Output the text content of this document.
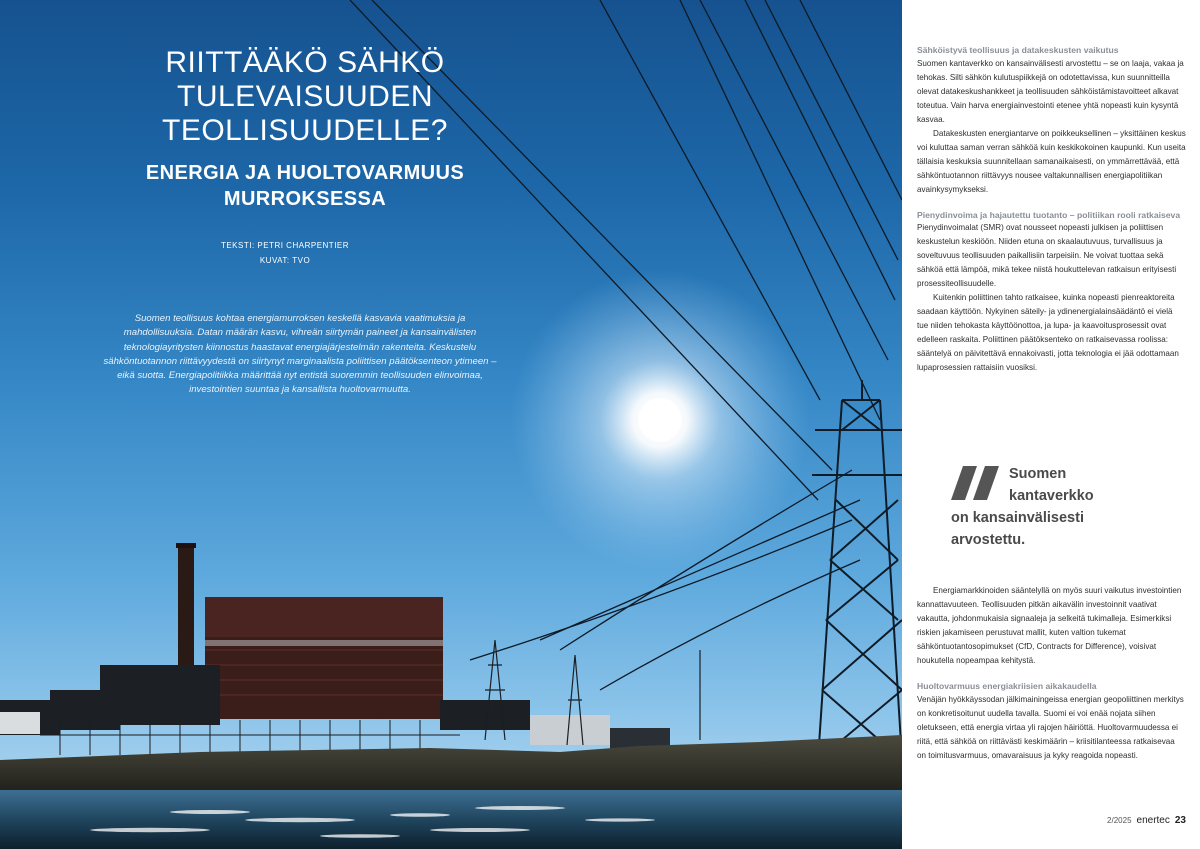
RIITTÄÄKÖ SÄHKÖ TULEVAISUUDEN
TEOLLISUUDELLE?
ENERGIA JA HUOLTOVARMUUS
MURROKSESSA
TEKSTI: PETRI CHARPENTIER
KUVAT: TVO

Suomen teollisuus kohtaa energiamurroksen keskellä kasvavia vaatimuksia ja mahdollisuuksia. Datan määrän kasvu, vihreän siirtymän paineet ja kansainvälisten teknologiayritysten kiinnostus haastavat energiajärjestelmän rakenteita. Keskustelu sähköntuotannon riittävyydestä on siirtynyt marginaalista poliittisen päätöksenteon ytimeen – eikä suotta. Energiapolitiikka määrittää nyt entistä suoremmin teollisuuden elinvoimaa, investointien suuntaa ja kansallista huoltovarmuutta.

Sähköistyvä teollisuus ja datakeskusten vaikutus

Suomen kantaverkko on kansainvälisesti arvostettu – se on laaja, vakaa ja tehokas. Silti sähkön kulutuspiikkejä on odotettavissa, kun suunnitteilla olevat datakeskushankkeet ja teollisuuden sähköistämistavoitteet alkavat toteutua. Vain harva energiainvestointi etenee yhtä nopeasti kuin kysyntä kasvaa.

Datakeskusten energiantarve on poikkeuksellinen – yksittäinen keskus voi kuluttaa saman verran sähköä kuin keskikokoinen kaupunki. Kun useita tällaisia keskuksia suunnitellaan samanaikaisesti, on ymmärrettävää, että sähköntuotannon riittävyys nousee valtakunnallisen energiapolitiikan avainkysymykseksi.

Pienydinvoima ja hajautettu tuotanto – politiikan rooli ratkaiseva

Pienydinvoimalat (SMR) ovat nousseet nopeasti julkisen ja poliittisen keskustelun keskiöön. Niiden etuna on skaalautuvuus, turvallisuus ja soveltuvuus teollisuuden paikallisiin tarpeisiin. Ne voivat tuottaa sekä sähköä että lämpöä, mikä tekee niistä houkuttelevan ratkaisun erityisesti prosessiteollisuudelle.

Kuitenkin poliittinen tahto ratkaisee, kuinka nopeasti pienreaktoreita saadaan käyttöön. Nykyinen säteily- ja ydinenergialainsäädäntö ei vielä tue niiden tehokasta käyttöönottoa, ja lupa- ja kaavoitusprosessit ovat edelleen raskaita. Poliittinen päätöksenteko on ratkaisevassa roolissa: sääntelyä on päivitettävä ennakoivasti, jotta teknologia ei jää odottamaan lupaprosessien rattaisiin vuosiksi.

Suomen
kantaverkko
on kansainvälisesti arvostettu.

Energiamarkkinoiden sääntelyllä on myös suuri vaikutus investointien kannattavuuteen. Teollisuuden pitkän aikavälin investoinnit vaativat vakautta, johdonmukaisia signaaleja ja selkeitä tukimalleja. Esimerkiksi riskien jakamiseen perustuvat mallit, kuten valtion tukemat sähköntuotantosopimukset (CfD, Contracts for Difference), voisivat houkutella nopeampaa kehitystä.

Huoltovarmuus energiakriisien aikakaudella

Venäjän hyökkäyssodan jälkimainingeissa energian geopoliittinen merkitys on konkretisoitunut uudella tavalla. Suomi ei voi enää nojata siihen oletukseen, että energia virtaa yli rajojen häiriöttä. Huoltovarmuudessa ei riitä, että sähköä on riittävästi keskimäärin – kriisitilanteessa ratkaisevaa on toimitusvarmuus, omavaraisuus ja kyky reagoida nopeasti.

2/2025 enertec 23
